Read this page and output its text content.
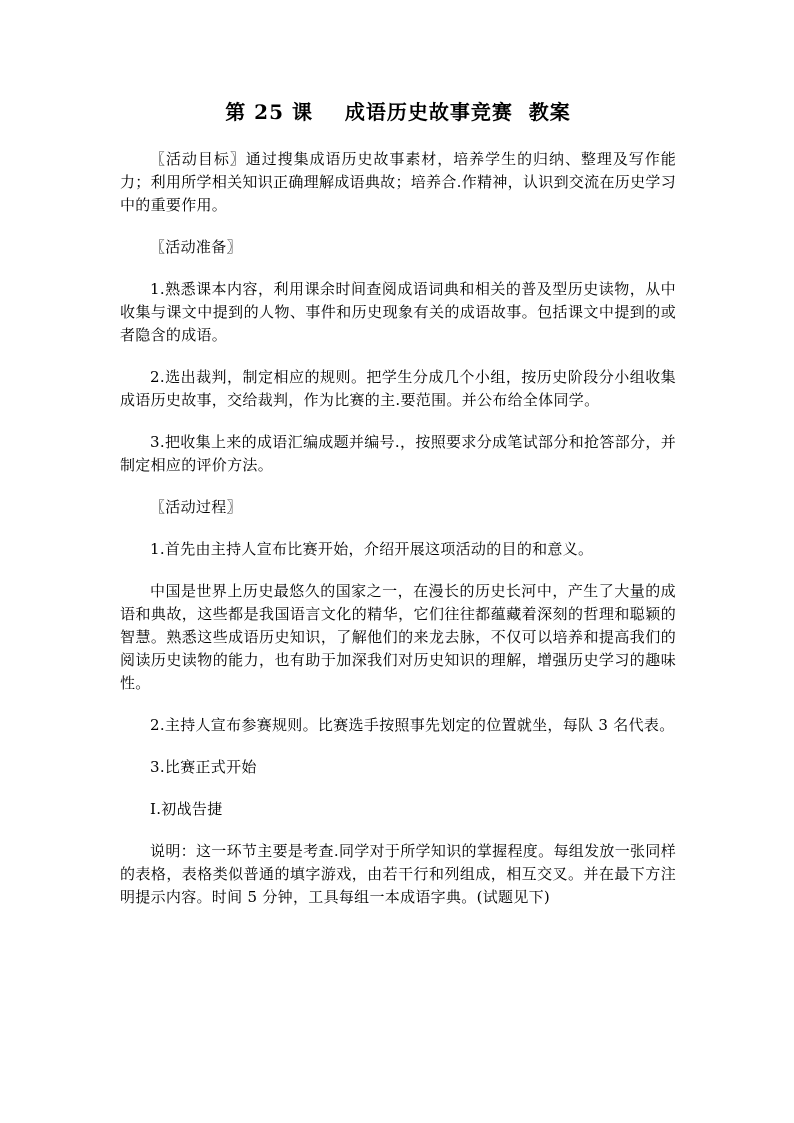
第 25 课    成语历史故事竞赛  教案

〖活动目标〗通过搜集成语历史故事素材，培养学生的归纳、整理及写作能力；利用所学相关知识正确理解成语典故；培养合.作精神，认识到交流在历史学习中的重要作用。

〖活动准备〗

1.熟悉课本内容，利用课余时间查阅成语词典和相关的普及型历史读物，从中收集与课文中提到的人物、事件和历史现象有关的成语故事。包括课文中提到的或者隐含的成语。

2.选出裁判，制定相应的规则。把学生分成几个小组，按历史阶段分小组收集成语历史故事，交给裁判，作为比赛的主.要范围。并公布给全体同学。

3.把收集上来的成语汇编成题并编号.，按照要求分成笔试部分和抢答部分，并制定相应的评价方法。

〖活动过程〗

1.首先由主持人宣布比赛开始，介绍开展这项活动的目的和意义。

中国是世界上历史最悠久的国家之一，在漫长的历史长河中，产生了大量的成语和典故，这些都是我国语言文化的精华，它们往往都蕴藏着深刻的哲理和聪颖的智慧。熟悉这些成语历史知识，了解他们的来龙去脉，不仅可以培养和提高我们的阅读历史读物的能力，也有助于加深我们对历史知识的理解，增强历史学习的趣味性。

2.主持人宣布参赛规则。比赛选手按照事先划定的位置就坐，每队 3 名代表。

3.比赛正式开始

Ⅰ.初战告捷

说明：这一环节主要是考查.同学对于所学知识的掌握程度。每组发放一张同样的表格，表格类似普通的填字游戏，由若干行和列组成，相互交叉。并在最下方注明提示内容。时间 5 分钟，工具每组一本成语字典。(试题见下)
